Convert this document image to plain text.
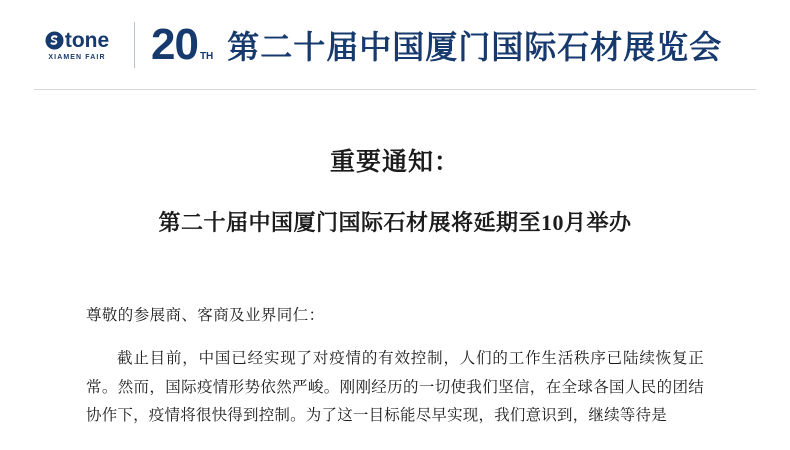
tone
XIAMEN FAIR 20 TH 第二十届中国厦门国际石材展览会
重要通知：
第二十届中国厦门国际石材展将延期至10月举办
尊敬的参展商、客商及业界同仁：
截止目前，中国已经实现了对疫情的有效控制，人们的工作生活秩序已陆续恢复正常。然而，国际疫情形势依然严峻。刚刚经历的一切使我们坚信，在全球各国人民的团结协作下，疫情将很快得到控制。为了这一目标能尽早实现，我们意识到，继续等待是
